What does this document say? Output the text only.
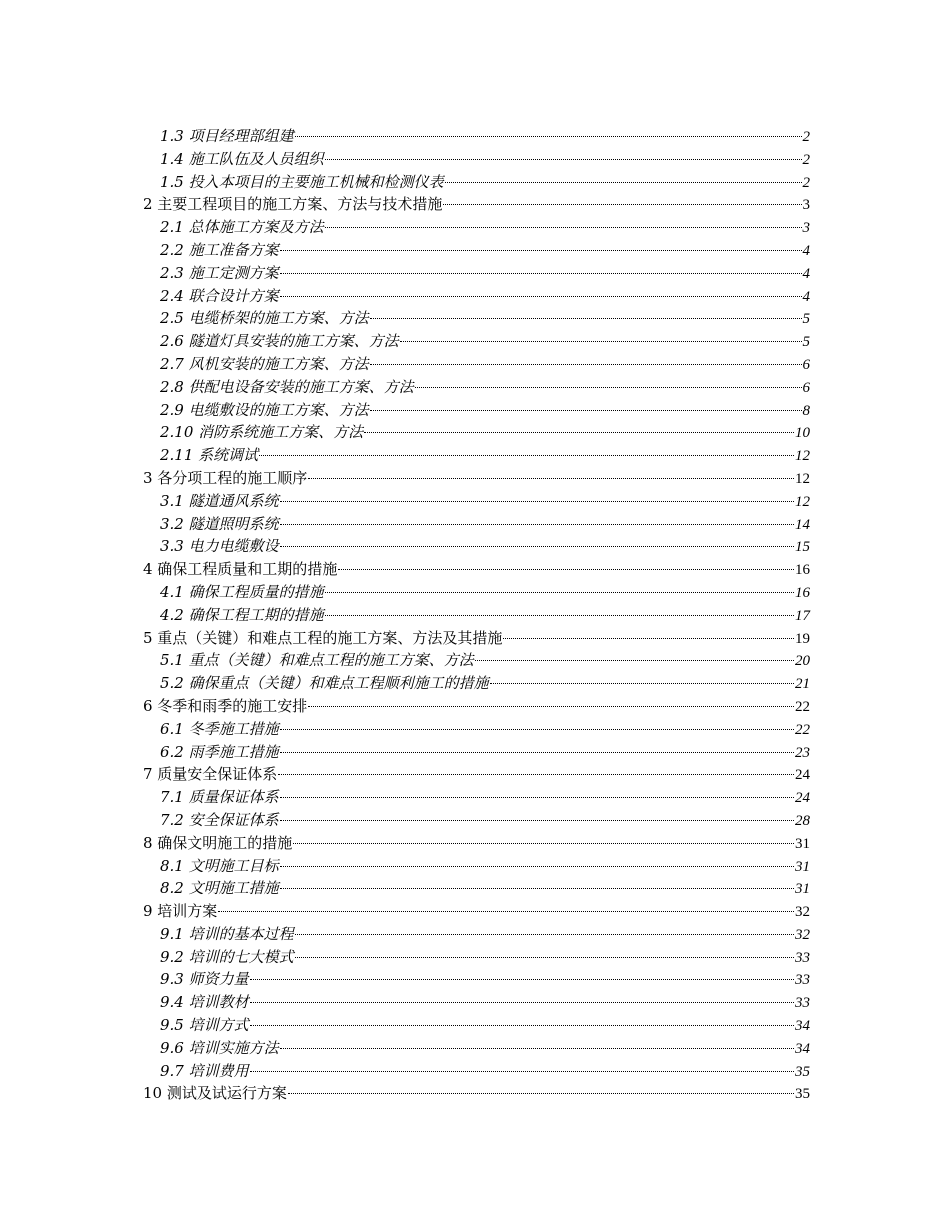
1.3 项目经理部组建	2
1.4 施工队伍及人员组织	2
1.5 投入本项目的主要施工机械和检测仪表	2
2 主要工程项目的施工方案、方法与技术措施	3
2.1 总体施工方案及方法	3
2.2 施工准备方案	4
2.3 施工定测方案	4
2.4 联合设计方案	4
2.5 电缆桥架的施工方案、方法	5
2.6 隧道灯具安装的施工方案、方法	5
2.7 风机安装的施工方案、方法	6
2.8 供配电设备安装的施工方案、方法	6
2.9 电缆敷设的施工方案、方法	8
2.10 消防系统施工方案、方法	10
2.11 系统调试	12
3 各分项工程的施工顺序	12
3.1 隧道通风系统	12
3.2 隧道照明系统	14
3.3 电力电缆敷设	15
4 确保工程质量和工期的措施	16
4.1 确保工程质量的措施	16
4.2 确保工程工期的措施	17
5 重点（关键）和难点工程的施工方案、方法及其措施	19
5.1 重点（关键）和难点工程的施工方案、方法	20
5.2 确保重点（关键）和难点工程顺利施工的措施	21
6 冬季和雨季的施工安排	22
6.1 冬季施工措施	22
6.2 雨季施工措施	23
7 质量安全保证体系	24
7.1 质量保证体系	24
7.2 安全保证体系	28
8 确保文明施工的措施	31
8.1 文明施工目标	31
8.2 文明施工措施	31
9 培训方案	32
9.1 培训的基本过程	32
9.2 培训的七大模式	33
9.3 师资力量	33
9.4 培训教材	33
9.5 培训方式	34
9.6 培训实施方法	34
9.7 培训费用	35
10 测试及试运行方案	35
